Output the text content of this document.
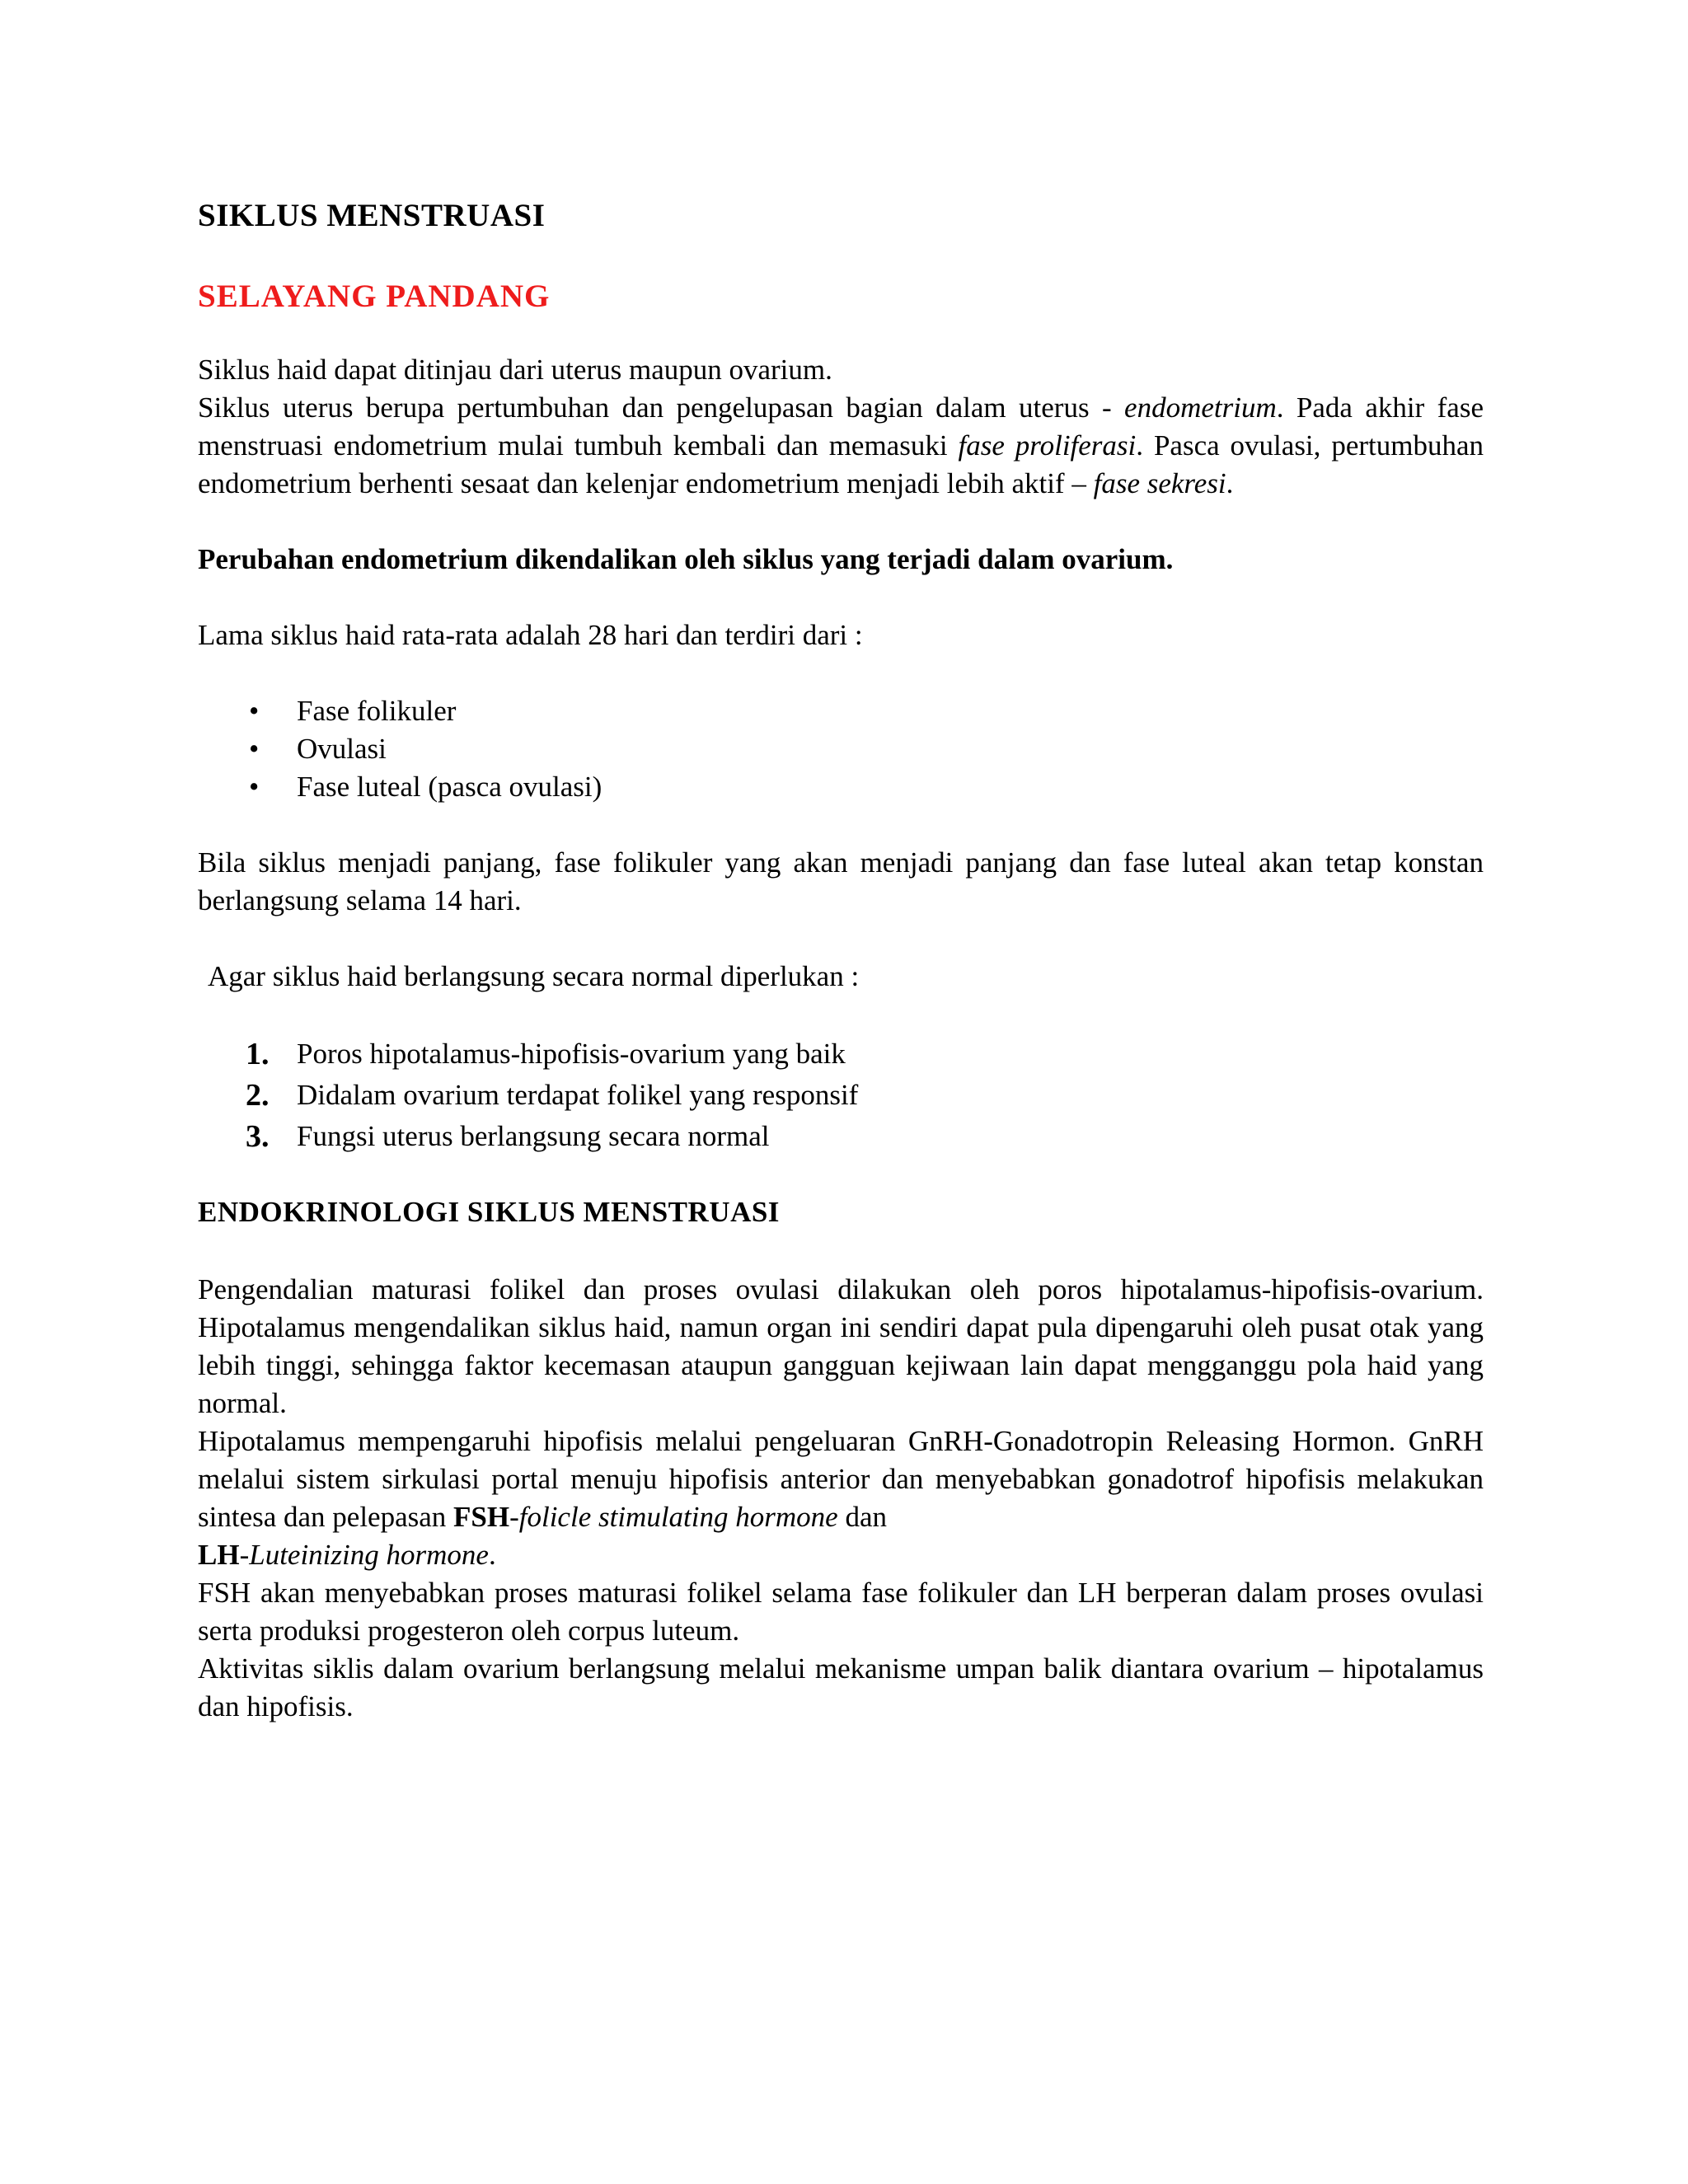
SIKLUS MENSTRUASI
SELAYANG PANDANG

Siklus haid dapat ditinjau dari uterus maupun ovarium.
Siklus uterus berupa pertumbuhan dan pengelupasan bagian dalam uterus - endometrium. Pada akhir fase menstruasi endometrium mulai tumbuh kembali dan memasuki fase proliferasi. Pasca ovulasi, pertumbuhan endometrium berhenti sesaat dan kelenjar endometrium menjadi lebih aktif – fase sekresi.

Perubahan endometrium dikendalikan oleh siklus yang terjadi dalam ovarium.

Lama siklus haid rata-rata adalah 28 hari dan terdiri dari :

• Fase folikuler
• Ovulasi
• Fase luteal (pasca ovulasi)

Bila siklus menjadi panjang, fase folikuler yang akan menjadi panjang dan fase luteal akan tetap konstan berlangsung selama 14 hari.

Agar siklus haid berlangsung secara normal diperlukan :

1. Poros hipotalamus-hipofisis-ovarium yang baik
2. Didalam ovarium terdapat folikel yang responsif
3. Fungsi uterus berlangsung secara normal
ENDOKRINOLOGI SIKLUS MENSTRUASI

Pengendalian maturasi folikel dan proses ovulasi dilakukan oleh poros hipotalamus-hipofisis-ovarium. Hipotalamus mengendalikan siklus haid, namun organ ini sendiri dapat pula dipengaruhi oleh pusat otak yang lebih tinggi, sehingga faktor kecemasan ataupun gangguan kejiwaan lain dapat mengganggu pola haid yang normal.
Hipotalamus mempengaruhi hipofisis melalui pengeluaran GnRH-Gonadotropin Releasing Hormon. GnRH melalui sistem sirkulasi portal menuju hipofisis anterior dan menyebabkan gonadotrof hipofisis melakukan sintesa dan pelepasan FSH-folicle stimulating hormone dan
LH-Luteinizing hormone.
FSH akan menyebabkan proses maturasi folikel selama fase folikuler dan LH berperan dalam proses ovulasi serta produksi progesteron oleh corpus luteum.
Aktivitas siklis dalam ovarium berlangsung melalui mekanisme umpan balik diantara ovarium – hipotalamus dan hipofisis.
